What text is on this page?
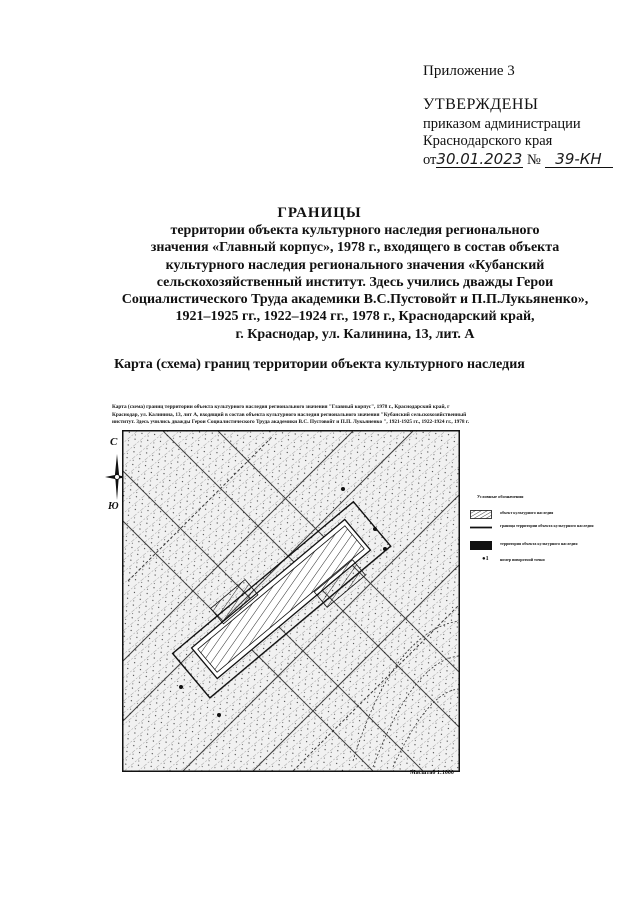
Приложение 3
УТВЕРЖДЕНЫ
приказом администрации
Краснодарского края
от30.01.2023 № 39-КН
ГРАНИЦЫ
территории объекта культурного наследия регионального
значения «Главный корпус», 1978 г., входящего в состав объекта
культурного наследия регионального значения «Кубанский
сельскохозяйственный институт. Здесь учились дважды Герои
Социалистического Труда академики В.С.Пустовойт и П.П.Лукьяненко»,
1921–1925 гг., 1922–1924 гг., 1978 г., Краснодарский край,
г. Краснодар, ул. Калинина, 13, лит. А
Карта (схема) границ территории объекта культурного наследия
Карта (схема) границ территории объекта культурного наследия регионального значения "Главный корпус", 1978 г., Краснодарский край, г
Краснодар, ул. Калинина, 13, лит А, входящий в состав объекта культурного наследия регионального значения "Кубанский сельскохозяйственный
институт. Здесь учились дважды Герои Социалистического Труда академики В.С. Пустовойт и П.П. Лукьяненко ", 1921-1925 гг., 1922-1924 гг., 1978 г.
С
Ю
Масштаб 1:1000
Условные обозначения
объект культурного наследия
граница территории объекта культурного наследия
территория объекта культурного наследия
●1	номер поворотной точки
